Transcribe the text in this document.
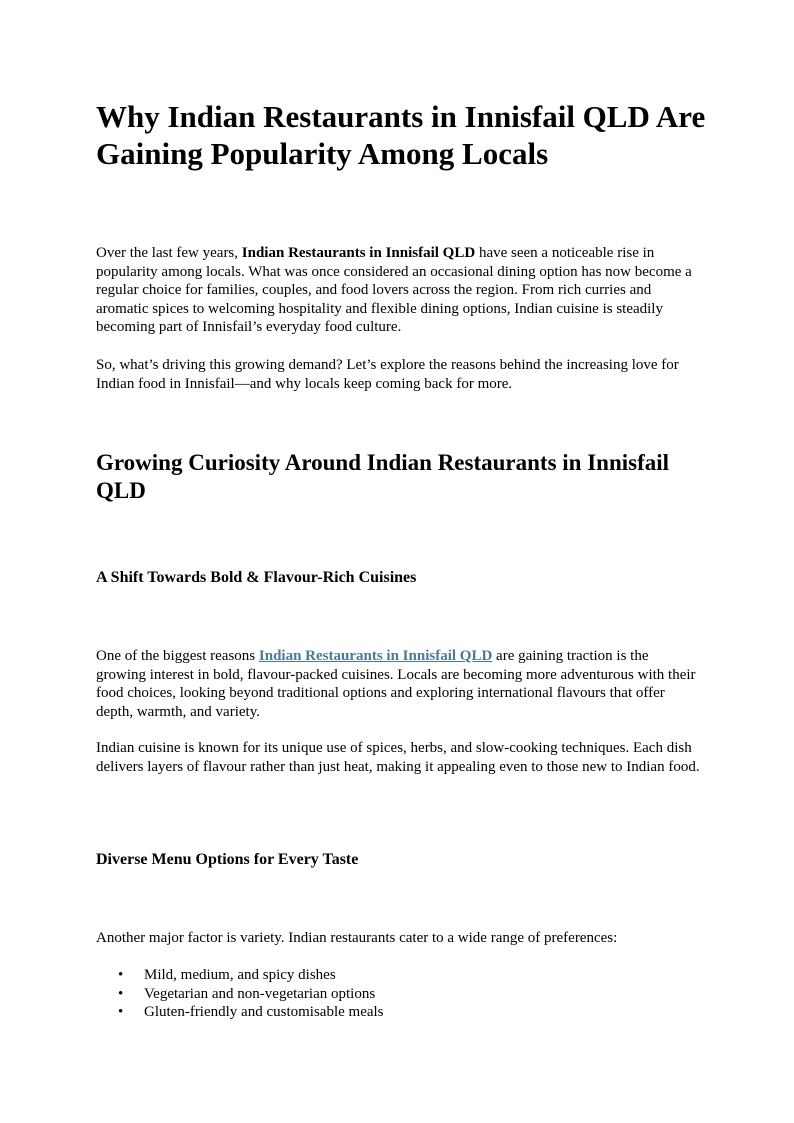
Why Indian Restaurants in Innisfail QLD Are Gaining Popularity Among Locals

Over the last few years, Indian Restaurants in Innisfail QLD have seen a noticeable rise in popularity among locals. What was once considered an occasional dining option has now become a regular choice for families, couples, and food lovers across the region. From rich curries and aromatic spices to welcoming hospitality and flexible dining options, Indian cuisine is steadily becoming part of Innisfail’s everyday food culture.

So, what’s driving this growing demand? Let’s explore the reasons behind the increasing love for Indian food in Innisfail—and why locals keep coming back for more.

Growing Curiosity Around Indian Restaurants in Innisfail QLD
A Shift Towards Bold & Flavour-Rich Cuisines

One of the biggest reasons Indian Restaurants in Innisfail QLD are gaining traction is the growing interest in bold, flavour-packed cuisines. Locals are becoming more adventurous with their food choices, looking beyond traditional options and exploring international flavours that offer depth, warmth, and variety.

Indian cuisine is known for its unique use of spices, herbs, and slow-cooking techniques. Each dish delivers layers of flavour rather than just heat, making it appealing even to those new to Indian food.

Diverse Menu Options for Every Taste

Another major factor is variety. Indian restaurants cater to a wide range of preferences:

• Mild, medium, and spicy dishes
• Vegetarian and non-vegetarian options
• Gluten-friendly and customisable meals
